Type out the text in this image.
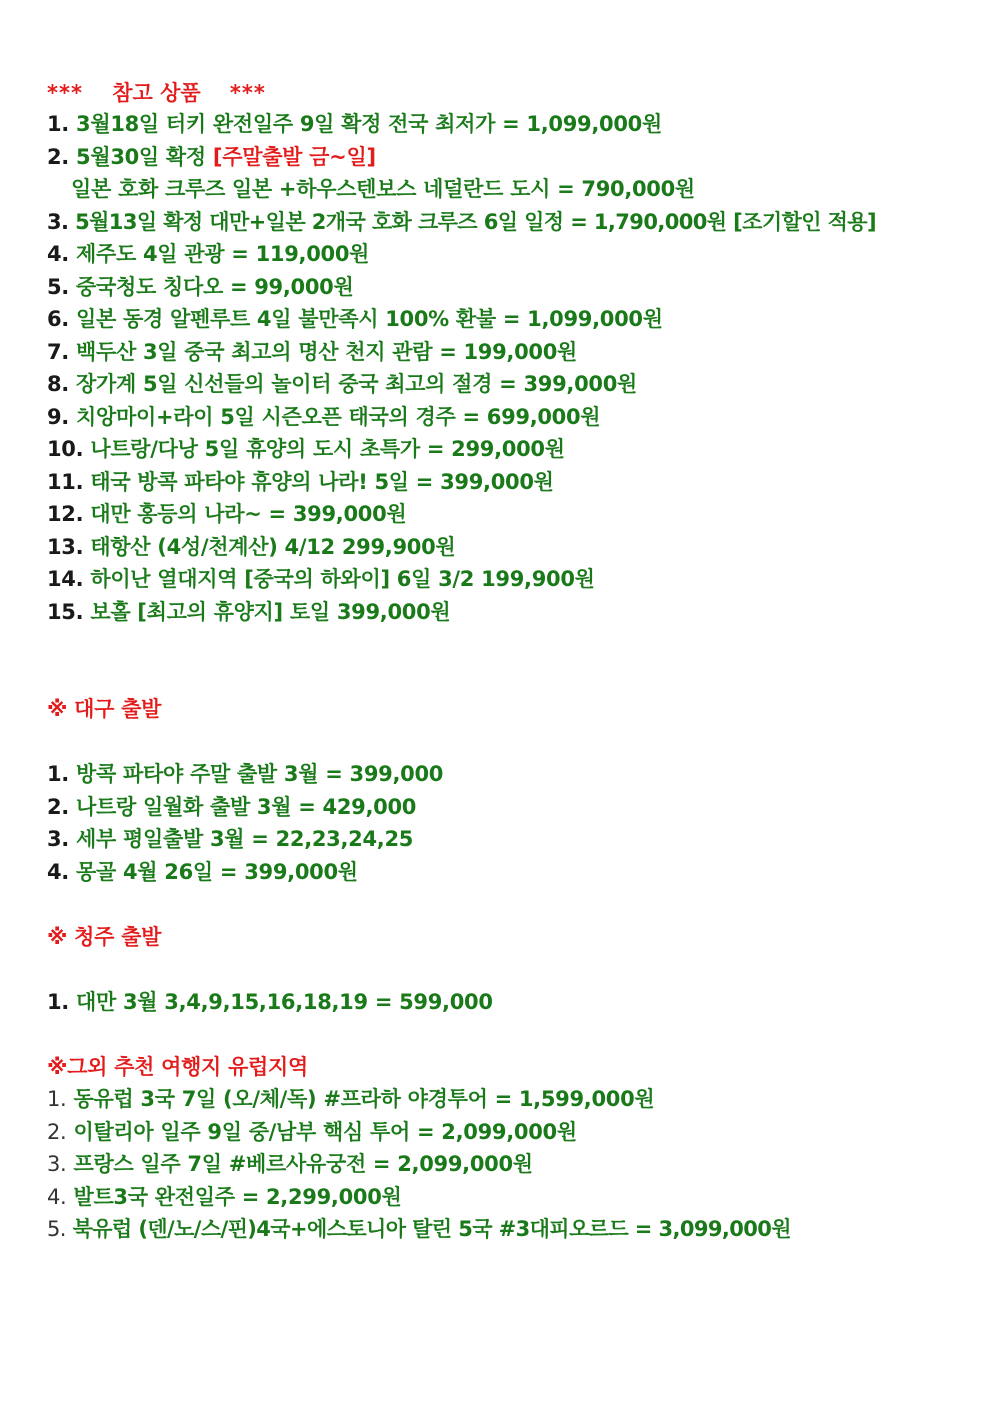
*** 참고 상품 ***
1. 3월18일 터키 완전일주 9일 확정 전국 최저가 = 1,099,000원
2. 5월30일 확정 [주말출발 금~일]
일본 호화 크루즈 일본 +하우스텐보스 네덜란드 도시 = 790,000원
3. 5월13일 확정 대만+일본 2개국 호화 크루즈 6일 일정 = 1,790,000원 [조기할인 적용]
4. 제주도 4일 관광 = 119,000원
5. 중국청도 칭다오 = 99,000원
6. 일본 동경 알펜루트 4일 불만족시 100% 환불 = 1,099,000원
7. 백두산 3일 중국 최고의 명산 천지 관람 = 199,000원
8. 장가계 5일 신선들의 놀이터 중국 최고의 절경 = 399,000원
9. 치앙마이+라이 5일 시즌오픈 태국의 경주 = 699,000원
10. 나트랑/다낭 5일 휴양의 도시 초특가 = 299,000원
11. 태국 방콕 파타야 휴양의 나라! 5일 = 399,000원
12. 대만 홍등의 나라~ = 399,000원
13. 태항산 (4성/천계산) 4/12 299,900원
14. 하이난 열대지역 [중국의 하와이] 6일 3/2 199,900원
15. 보홀 [최고의 휴양지] 토일 399,000원
※ 대구 출발
1. 방콕 파타야 주말 출발 3월 = 399,000
2. 나트랑 일월화 출발 3월 = 429,000
3. 세부 평일출발 3월 = 22,23,24,25
4. 몽골 4월 26일 = 399,000원
※ 청주 출발
1. 대만 3월 3,4,9,15,16,18,19 = 599,000
※그외 추천 여행지 유럽지역
1. 동유럽 3국 7일 (오/체/독) #프라하 야경투어 = 1,599,000원
2. 이탈리아 일주 9일 중/남부 핵심 투어 = 2,099,000원
3. 프랑스 일주 7일 #베르사유궁전 = 2,099,000원
4. 발트3국 완전일주 = 2,299,000원
5. 북유럽 (덴/노/스/핀)4국+에스토니아 탈린 5국 #3대피오르드 = 3,099,000원
